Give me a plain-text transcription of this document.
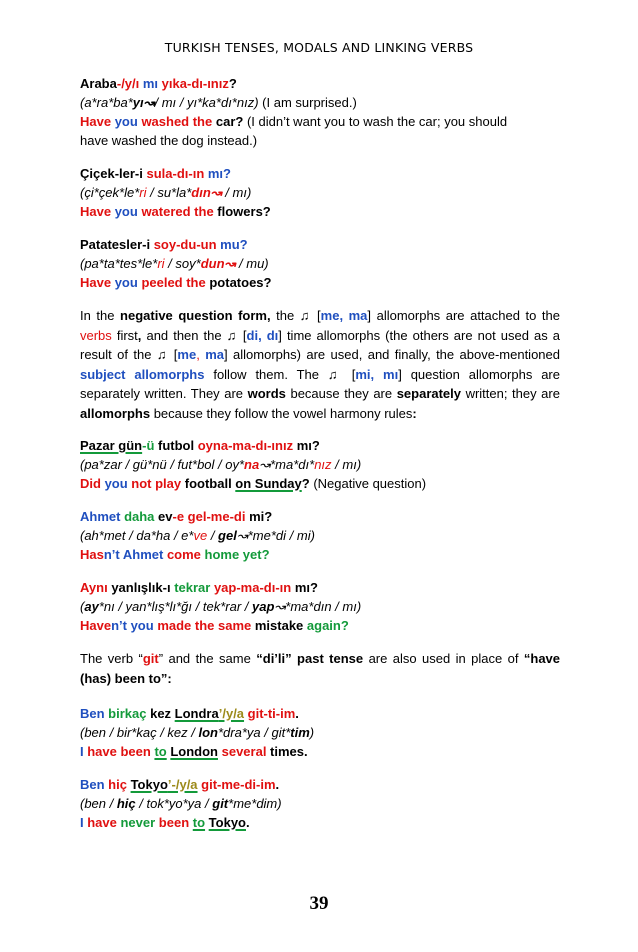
TURKISH TENSES, MODALS AND LINKING VERBS
Araba-/y/ı mı yıka-dı-ınız?
(a*ra*ba*yı↝/ mı / yı*ka*dı*nız) (I am surprised.)
Have you washed the car? (I didn’t want you to wash the car; you should
have washed the dog instead.)
Çiçek-ler-i sula-dı-ın mı?
(çi*çek*le*ri / su*la*dın↝ / mı)
Have you watered the flowers?
Patatesler-i soy-du-un mu?
(pa*ta*tes*le*ri / soy*dun↝ / mu)
Have you peeled the potatoes?
In the negative question form, the ♫ [me, ma] allomorphs are attached to the verbs first, and then the ♫ [di, dı] time allomorphs (the others are not used as a result of the ♫ [me, ma] allomorphs) are used, and finally, the above-mentioned subject allomorphs follow them. The ♫ [mi, mı] question allomorphs are separately written. They are words because they are separately written; they are allomorphs because they follow the vowel harmony rules:
Pazar gün-ü futbol oyna-ma-dı-ınız mı?
(pa*zar / gü*nü / fut*bol / oy*na↝*ma*dı*nız / mı)
Did you not play football on Sunday? (Negative question)
Ahmet daha ev-e gel-me-di mi?
(ah*met / da*ha / e*ve / gel↝*me*di / mi)
Hasn’t Ahmet come home yet?
Aynı yanlışlık-ı tekrar yap-ma-dı-ın mı?
(ay*nı / yan*lış*lı*ğı / tek*rar / yap↝*ma*dın / mı)
Haven’t you made the same mistake again?
The verb “git” and the same “di’li” past tense are also used in place of “have (has) been to”:
Ben birkaç kez Londra’/y/a git-ti-im.
(ben / bir*kaç / kez / lon*dra*ya / git*tim)
I have been to London several times.
Ben hiç Tokyo’-/y/a git-me-di-im.
(ben / hiç / tok*yo*ya / git*me*dim)
I have never been to Tokyo.
39
